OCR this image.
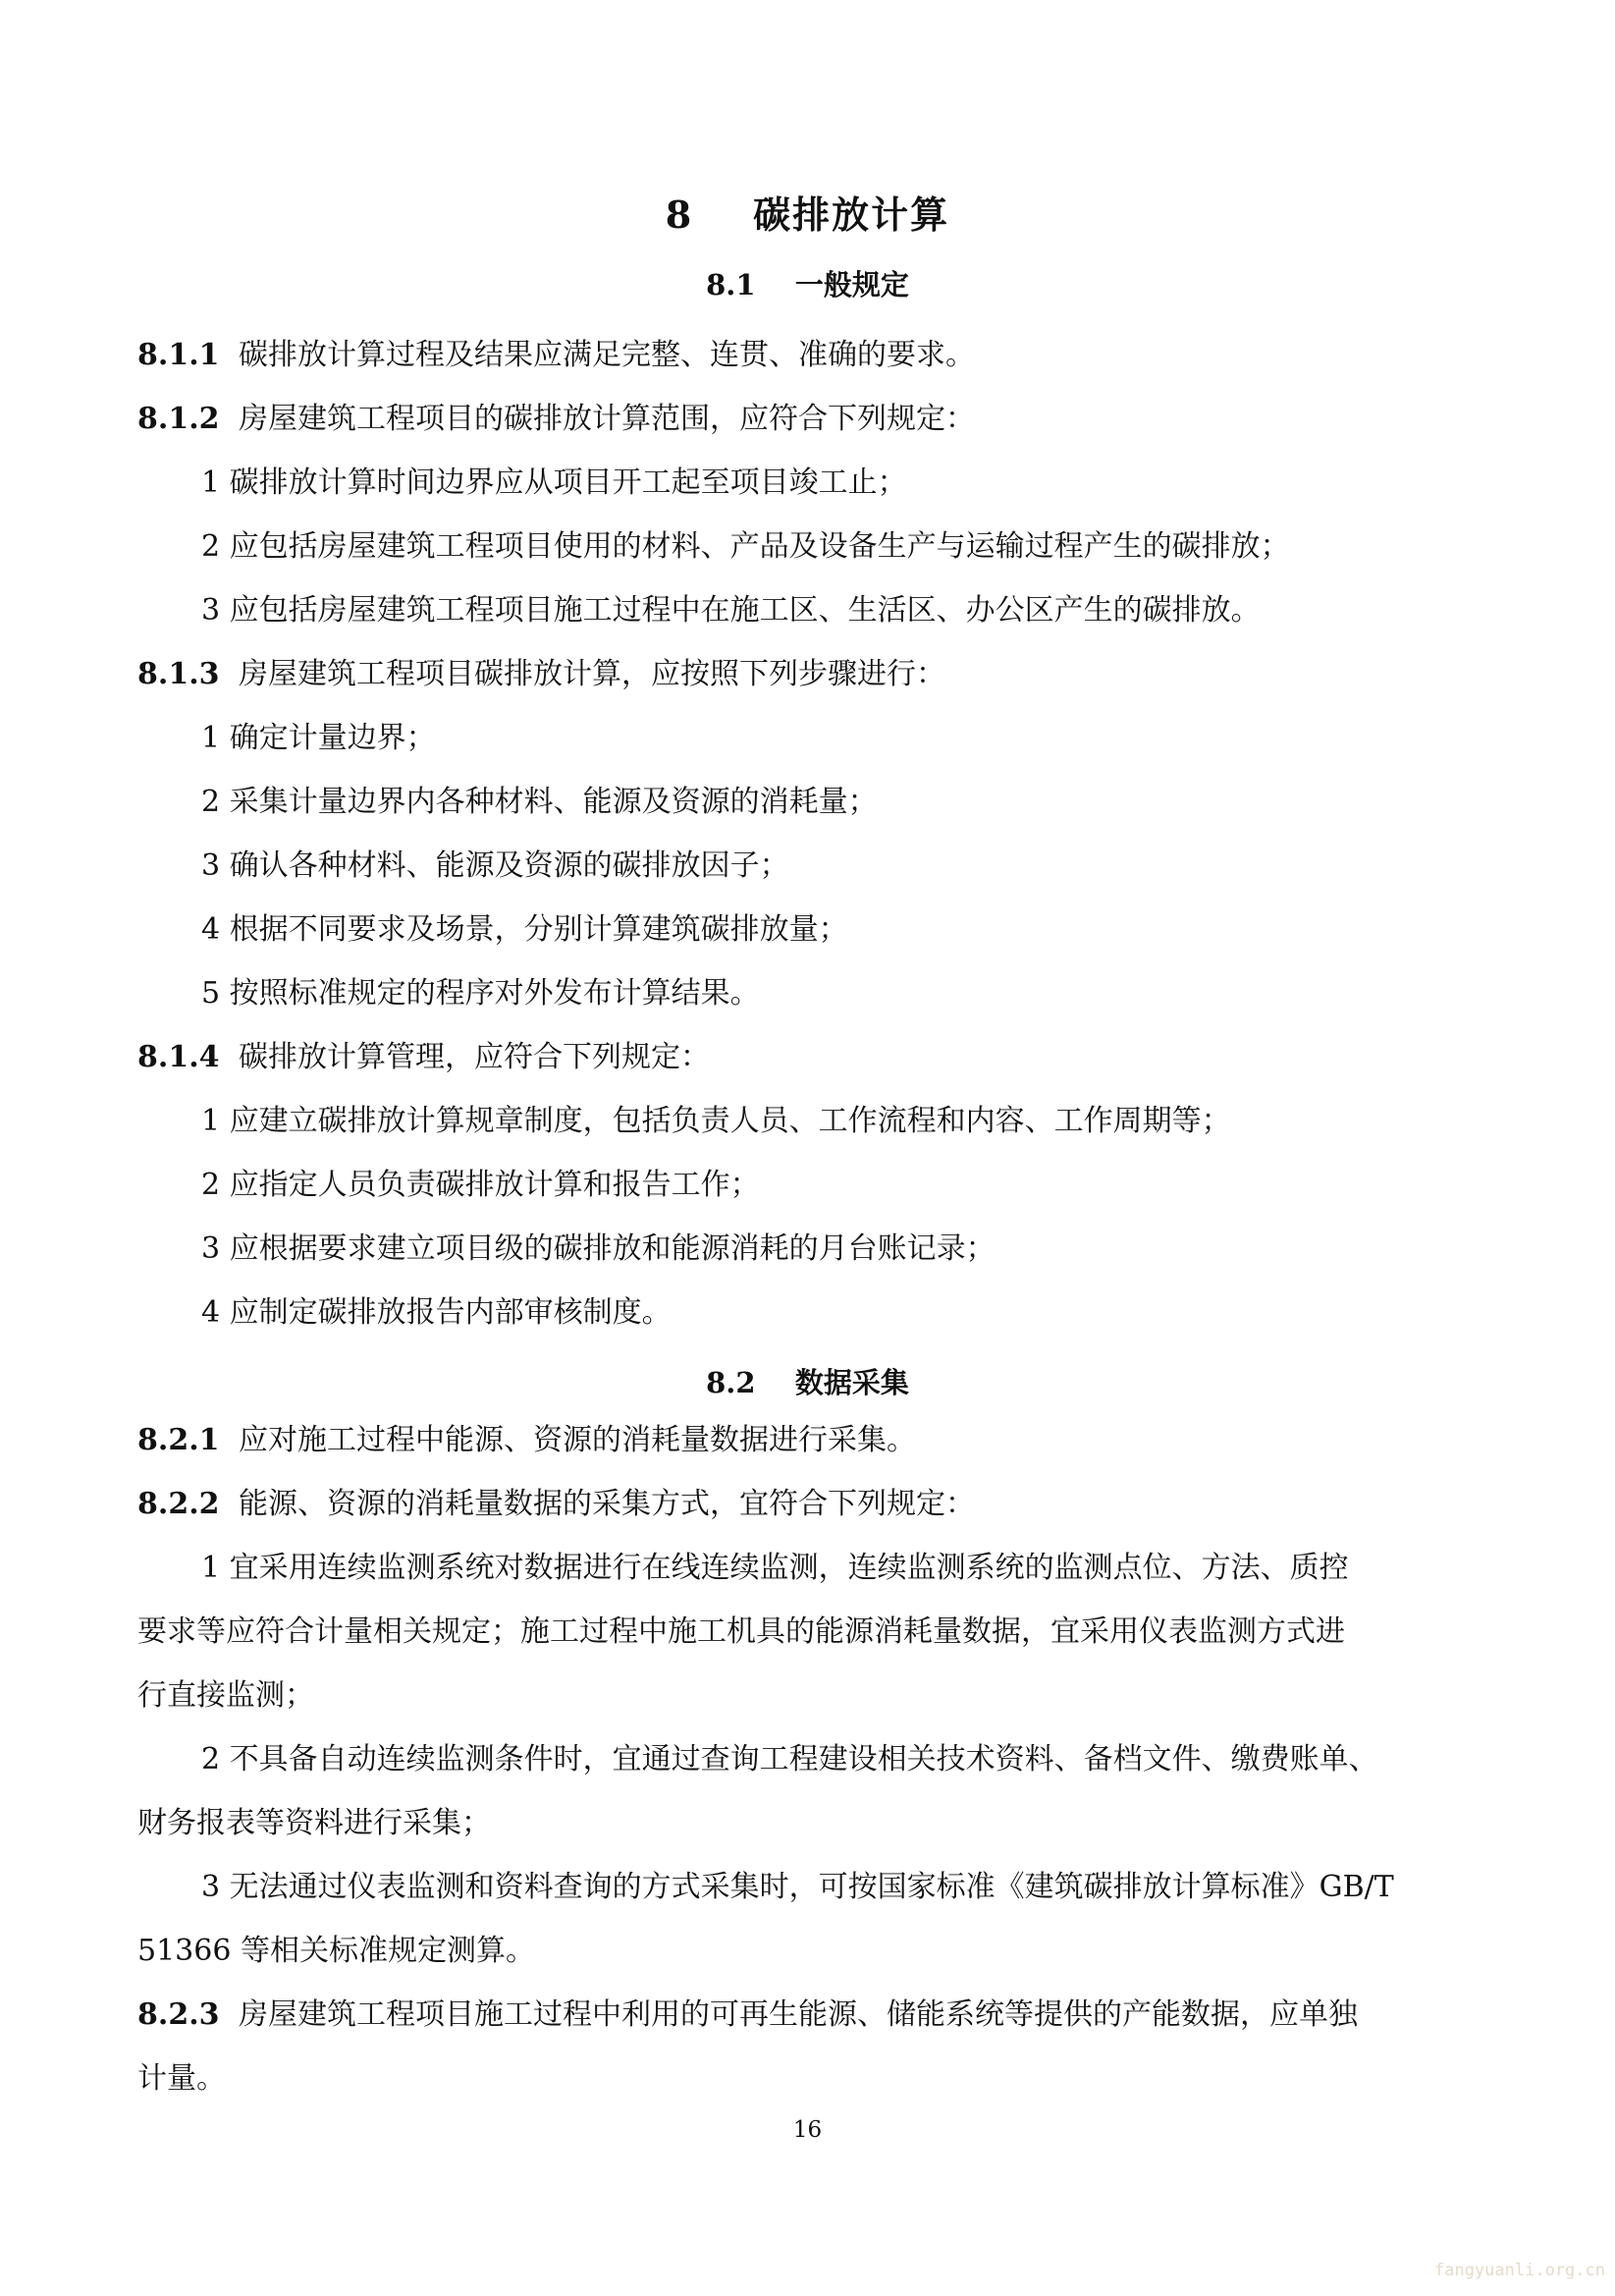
8 碳排放计算
8.1 一般规定
8.1.1 碳排放计算过程及结果应满足完整、连贯、准确的要求。
8.1.2 房屋建筑工程项目的碳排放计算范围，应符合下列规定：
1 碳排放计算时间边界应从项目开工起至项目竣工止；
2 应包括房屋建筑工程项目使用的材料、产品及设备生产与运输过程产生的碳排放；
3 应包括房屋建筑工程项目施工过程中在施工区、生活区、办公区产生的碳排放。
8.1.3 房屋建筑工程项目碳排放计算，应按照下列步骤进行：
1 确定计量边界；
2 采集计量边界内各种材料、能源及资源的消耗量；
3 确认各种材料、能源及资源的碳排放因子；
4 根据不同要求及场景，分别计算建筑碳排放量；
5 按照标准规定的程序对外发布计算结果。
8.1.4 碳排放计算管理，应符合下列规定：
1 应建立碳排放计算规章制度，包括负责人员、工作流程和内容、工作周期等；
2 应指定人员负责碳排放计算和报告工作；
3 应根据要求建立项目级的碳排放和能源消耗的月台账记录；
4 应制定碳排放报告内部审核制度。
8.2 数据采集
8.2.1 应对施工过程中能源、资源的消耗量数据进行采集。
8.2.2 能源、资源的消耗量数据的采集方式，宜符合下列规定：
1 宜采用连续监测系统对数据进行在线连续监测，连续监测系统的监测点位、方法、质控
要求等应符合计量相关规定；施工过程中施工机具的能源消耗量数据，宜采用仪表监测方式进
行直接监测；
2 不具备自动连续监测条件时，宜通过查询工程建设相关技术资料、备档文件、缴费账单、
财务报表等资料进行采集；
3 无法通过仪表监测和资料查询的方式采集时，可按国家标准《建筑碳排放计算标准》GB/T
51366 等相关标准规定测算。
8.2.3 房屋建筑工程项目施工过程中利用的可再生能源、储能系统等提供的产能数据，应单独
计量。
16
fangyuanli.org.cn
